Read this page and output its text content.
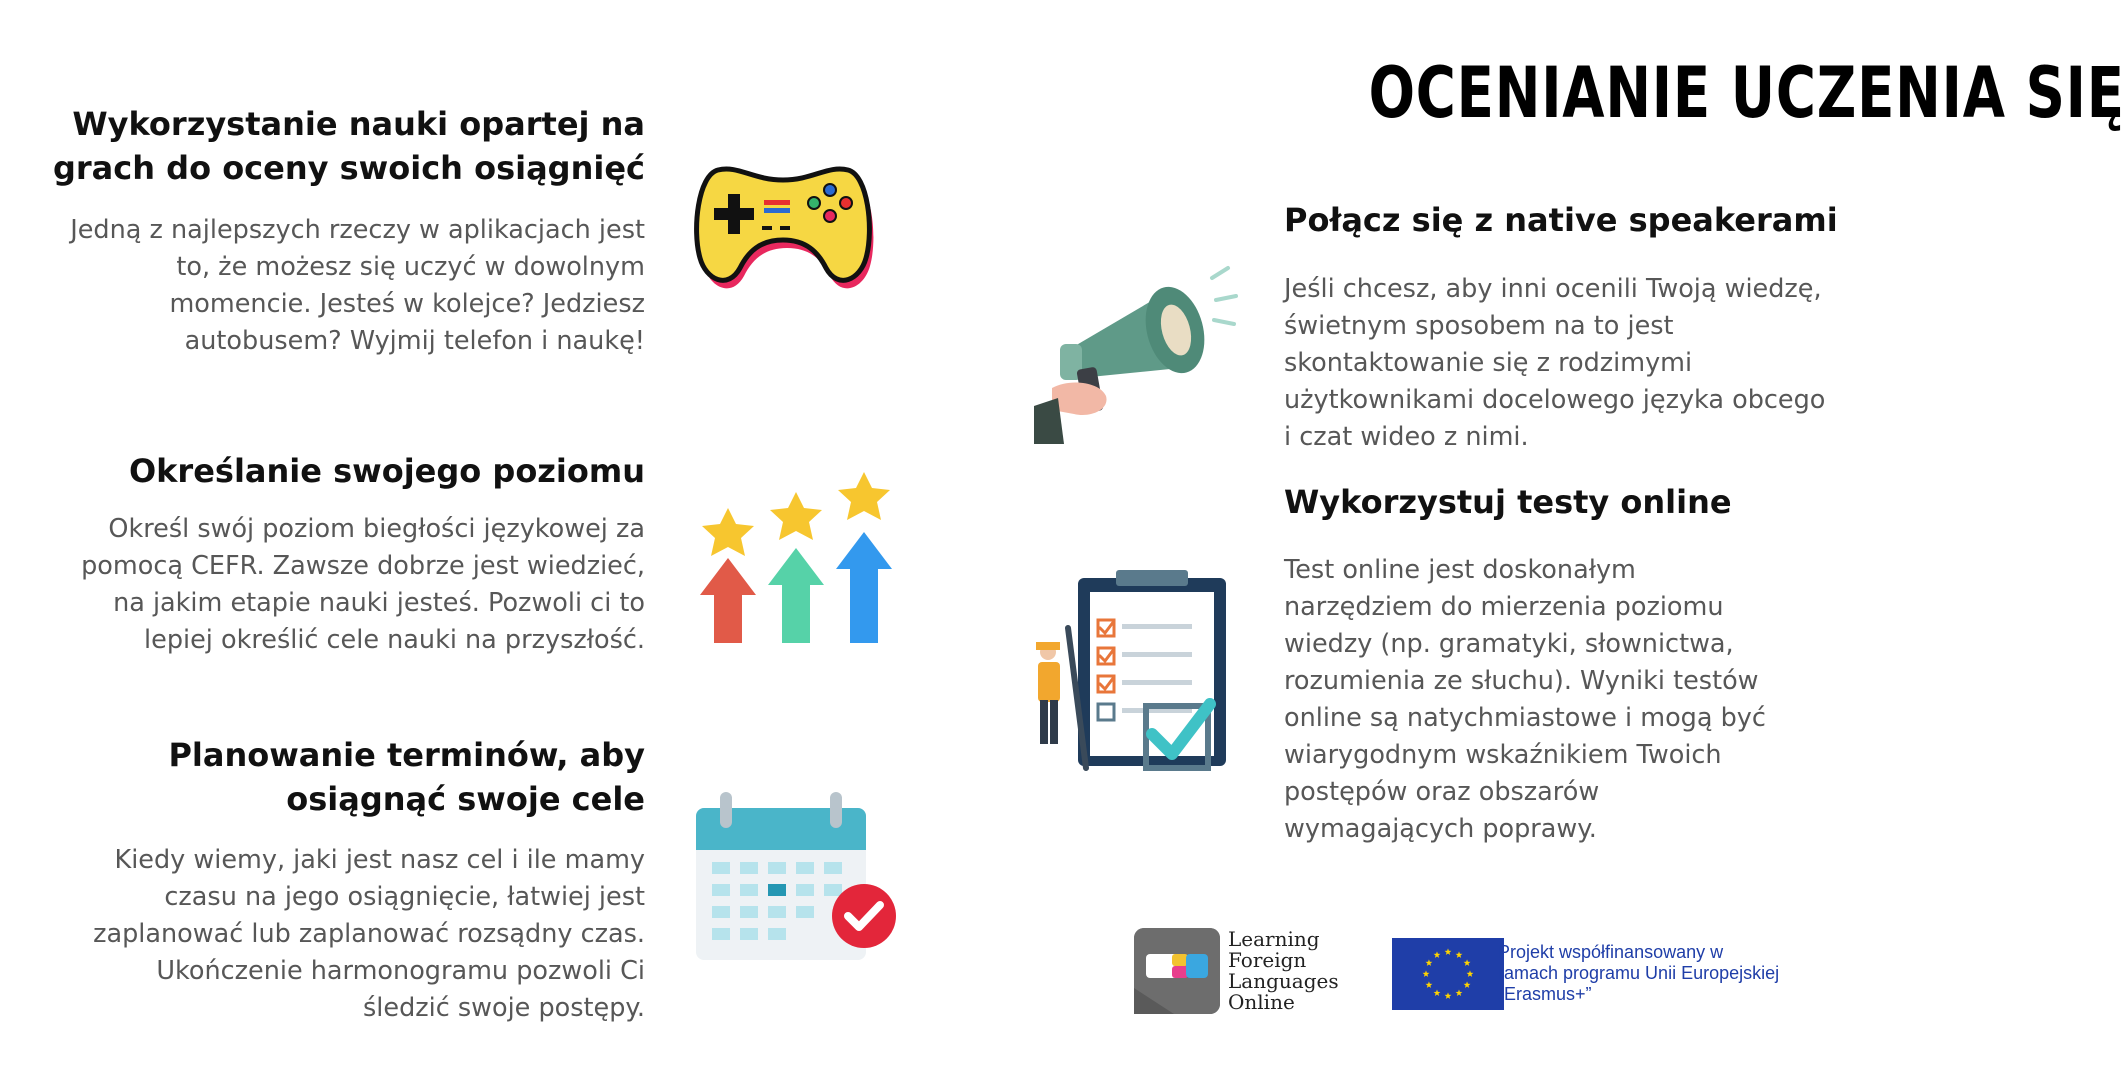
OCENIANIE UCZENIA SIĘ
Wykorzystanie nauki opartej na
grach do oceny swoich osiągnięć
Jedną z najlepszych rzeczy w aplikacjach jest
to, że możesz się uczyć w dowolnym
momencie. Jesteś w kolejce? Jedziesz
autobusem? Wyjmij telefon i naukę!
Określanie swojego poziomu
Określ swój poziom biegłości językowej za
pomocą CEFR. Zawsze dobrze jest wiedzieć,
na jakim etapie nauki jesteś. Pozwoli ci to
lepiej określić cele nauki na przyszłość.
Planowanie terminów, aby
osiągnąć swoje cele
Kiedy wiemy, jaki jest nasz cel i ile mamy
czasu na jego osiągnięcie, łatwiej jest
zaplanować lub zaplanować rozsądny czas.
Ukończenie harmonogramu pozwoli Ci
śledzić swoje postępy.
Połącz się z native speakerami
Jeśli chcesz, aby inni ocenili Twoją wiedzę,
świetnym sposobem na to jest
skontaktowanie się z rodzimymi
użytkownikami docelowego języka obcego
i czat wideo z nimi.
Wykorzystuj testy online
Test online jest doskonałym
narzędziem do mierzenia poziomu
wiedzy (np. gramatyki, słownictwa,
rozumienia ze słuchu). Wyniki testów
online są natychmiastowe i mogą być
wiarygodnym wskaźnikiem Twoich
postępów oraz obszarów
wymagających poprawy.
Learning
Foreign
Languages
Online
Projekt współfinansowany w
ramach programu Unii Europejskiej
„Erasmus+”
